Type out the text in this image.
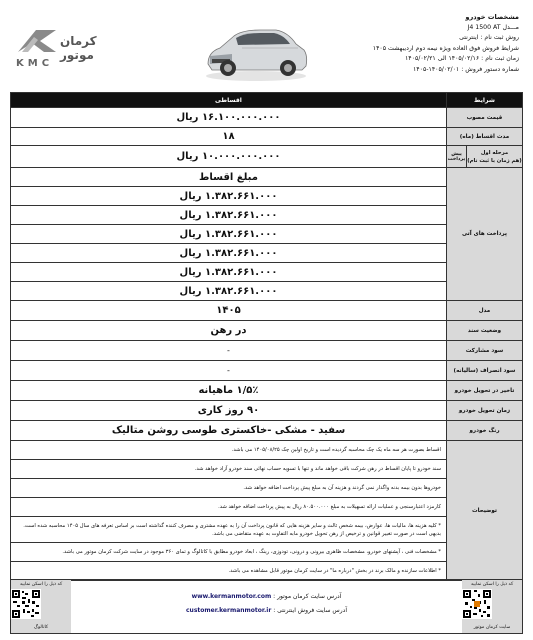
کرمان موتور
KMC
مشخصات خودرو
مـــدل J4 1500 AT
روش ثبت نام : اینترنتی
شرایط فروش فوق العاده ویژه نیمه دوم اردیبهشت ۱۴۰۵
زمان ثبت نام : ۱۴۰۵/۰۲/۱۶ الی ۱۴۰۵/۰۲/۲۱
شماره دستور فروش : ۱۴۰۵/۰۲/۰۱-۱۴۰۵
شرایط		اقساطی
قیمت مصوب		۱۶.۱۰۰.۰۰۰.۰۰۰ ریال
مدت اقساط (ماه)		۱۸

مرحله اول
(هم زمان با ثبت نام)	پیش پرداخت	۱۰.۰۰۰.۰۰۰.۰۰۰ ریال
پرداخت های آتی		مبلغ اقساط
		۱.۳۸۲.۶۶۱.۰۰۰ ریال
		۱.۳۸۲.۶۶۱.۰۰۰ ریال
		۱.۳۸۲.۶۶۱.۰۰۰ ریال
		۱.۳۸۲.۶۶۱.۰۰۰ ریال
		۱.۳۸۲.۶۶۱.۰۰۰ ریال
		۱.۳۸۲.۶۶۱.۰۰۰ ریال
مدل		۱۴۰۵
وضعیت سند		در رهن
سود مشارکت		-
سود انصراف (سالیانه)		-
تاخیر در تحویل خودرو		۱/۵٪ ماهیانه
زمان تحویل خودرو		۹۰ روز کاری
رنگ خودرو		سفید - مشکی -خاکستری طوسی روشن متالیک
توضیحات		اقساط بصورت هر سه ماه یک چک محاسبه گردیده است و تاریخ اولین چک ۱۴۰۵/۰۸/۲۵ می باشد.
		سند خودرو تا پایان اقساط در رهن شرکت باقی خواهد ماند و تنها با تسویه حساب نهائی سند خودرو آزاد خواهد شد.
		خودروها بدون بیمه بدنه واگذار نمی گردند و هزینه آن به مبلغ پیش پرداخت اضافه خواهد شد.
		کارمزد اعتبارسنجی و عملیات ارائه تسهیلات به مبلغ ۸۰.۵۰۰.۰۰۰ ریال به پیش پرداخت اضافه خواهد شد.
		* کلیه هزینه ها، مالیات ها، عوارض، بیمه شخص ثالث و سایر هزینه هایی که قانون پرداخت آن را به عهده مشتری و مصرف کننده گذاشته است بر اساس تعرفه های سال ۱۴۰۵ محاسبه شده است. بدیهی است در صورت تغییر قوانین و ترخیص از رهن تحویل خودرو مابه التفاوت به عهده متقاضی می باشد.
		* مشخصات فنی ، آپشنهای خودرو، مشخصات ظاهری بیرونی و درونی، تودوزی، رینگ ، ابعاد خودرو مطابق با کاتالوگ و تمای ۳۶۰ موجود در سایت شرکت کرمان موتور می باشد.
		* اطلاعات سازنده و مالک برند در بخش "درباره ما" در سایت کرمان موتور قابل مشاهده می باشد.
کد ذیل را اسکن نمایید
کاتالوگ
آدرس سایت کرمان موتور : www.kermanmotor.com
آدرس سایت فروش اینترنتی : customer.kermanmotor.ir
کد ذیل را اسکن نمایید
سایت کرمان موتور
